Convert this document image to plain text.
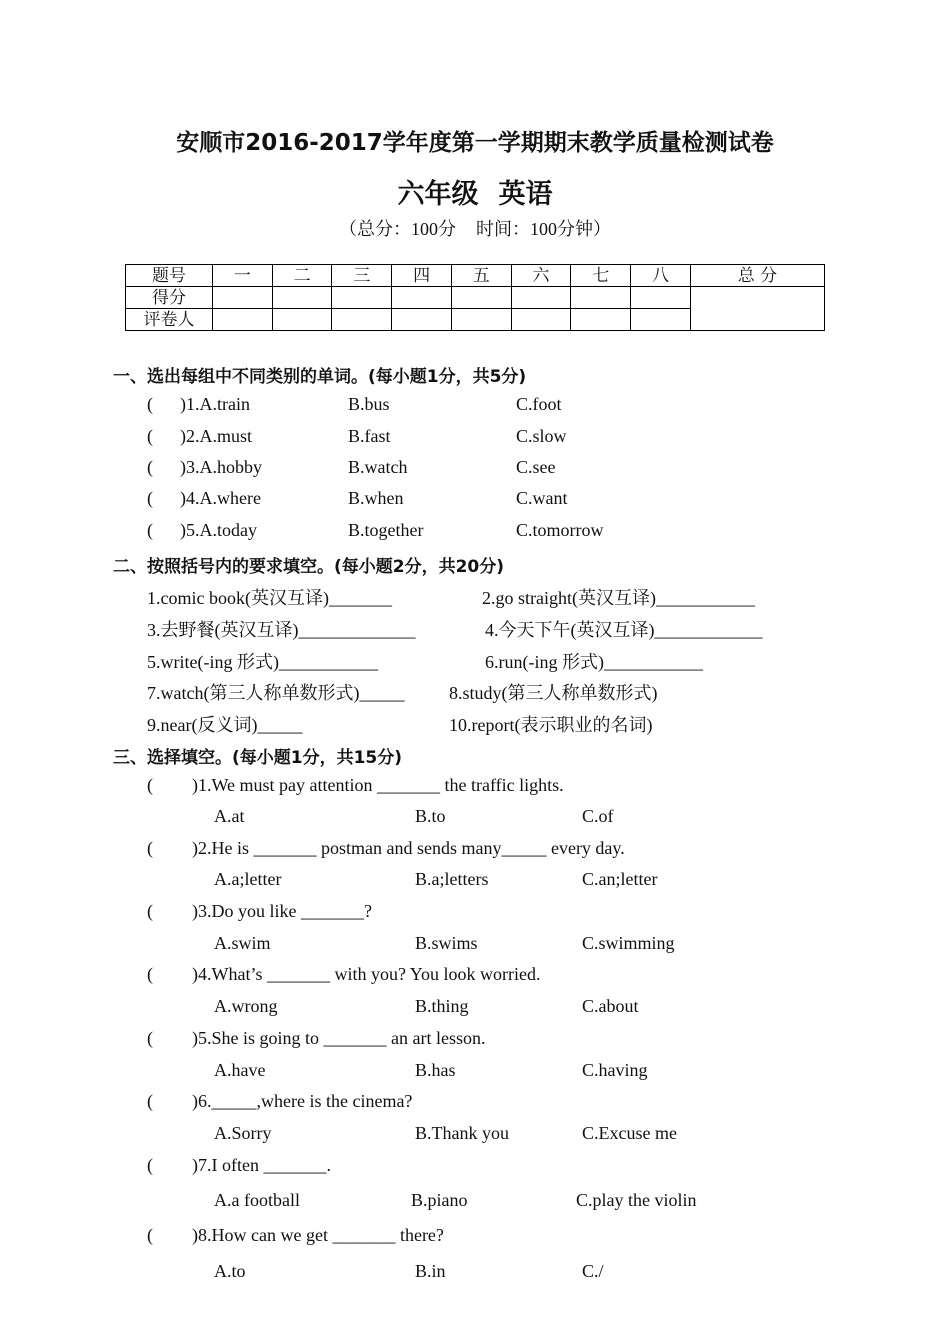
安顺市2016-2017学年度第一学期期末教学质量检测试卷
六年级 英语
（总分：100分 时间：100分钟）
题号	一	二	三	四	五	六	七	八	总 分
得分									
评卷人									
一、选出每组中不同类别的单词。(每小题1分，共5分)
( )1.A.train	B.bus	C.foot
( )2.A.must	B.fast	C.slow
( )3.A.hobby	B.watch	C.see
( )4.A.where	B.when	C.want
( )5.A.today	B.together	C.tomorrow
二、按照括号内的要求填空。(每小题2分，共20分)
1.comic book(英汉互译)_______	2.go straight(英汉互译)___________
3.去野餐(英汉互译)_____________	4.今天下午(英汉互译)____________
5.write(-ing 形式)___________	6.run(-ing 形式)___________
7.watch(第三人称单数形式)_____ 8.study(第三人称单数形式)
9.near(反义词)_____	10.report(表示职业的名词)
三、选择填空。(每小题1分，共15分)
( )1.We must pay attention _______ the traffic lights.
A.at	B.to	C.of
( )2.He is _______ postman and sends many_____ every day.
A.a;letter	B.a;letters	C.an;letter
( )3.Do you like _______?
A.swim	B.swims	C.swimming
( )4.What’s _______ with you? You look worried.
A.wrong	B.thing	C.about
( )5.She is going to _______ an art lesson.
A.have	B.has	C.having
( )6._____,where is the cinema?
A.Sorry	B.Thank you	C.Excuse me
( )7.I often _______.
A.a football	B.piano	C.play the violin
( )8.How can we get _______ there?
A.to	B.in	C./
